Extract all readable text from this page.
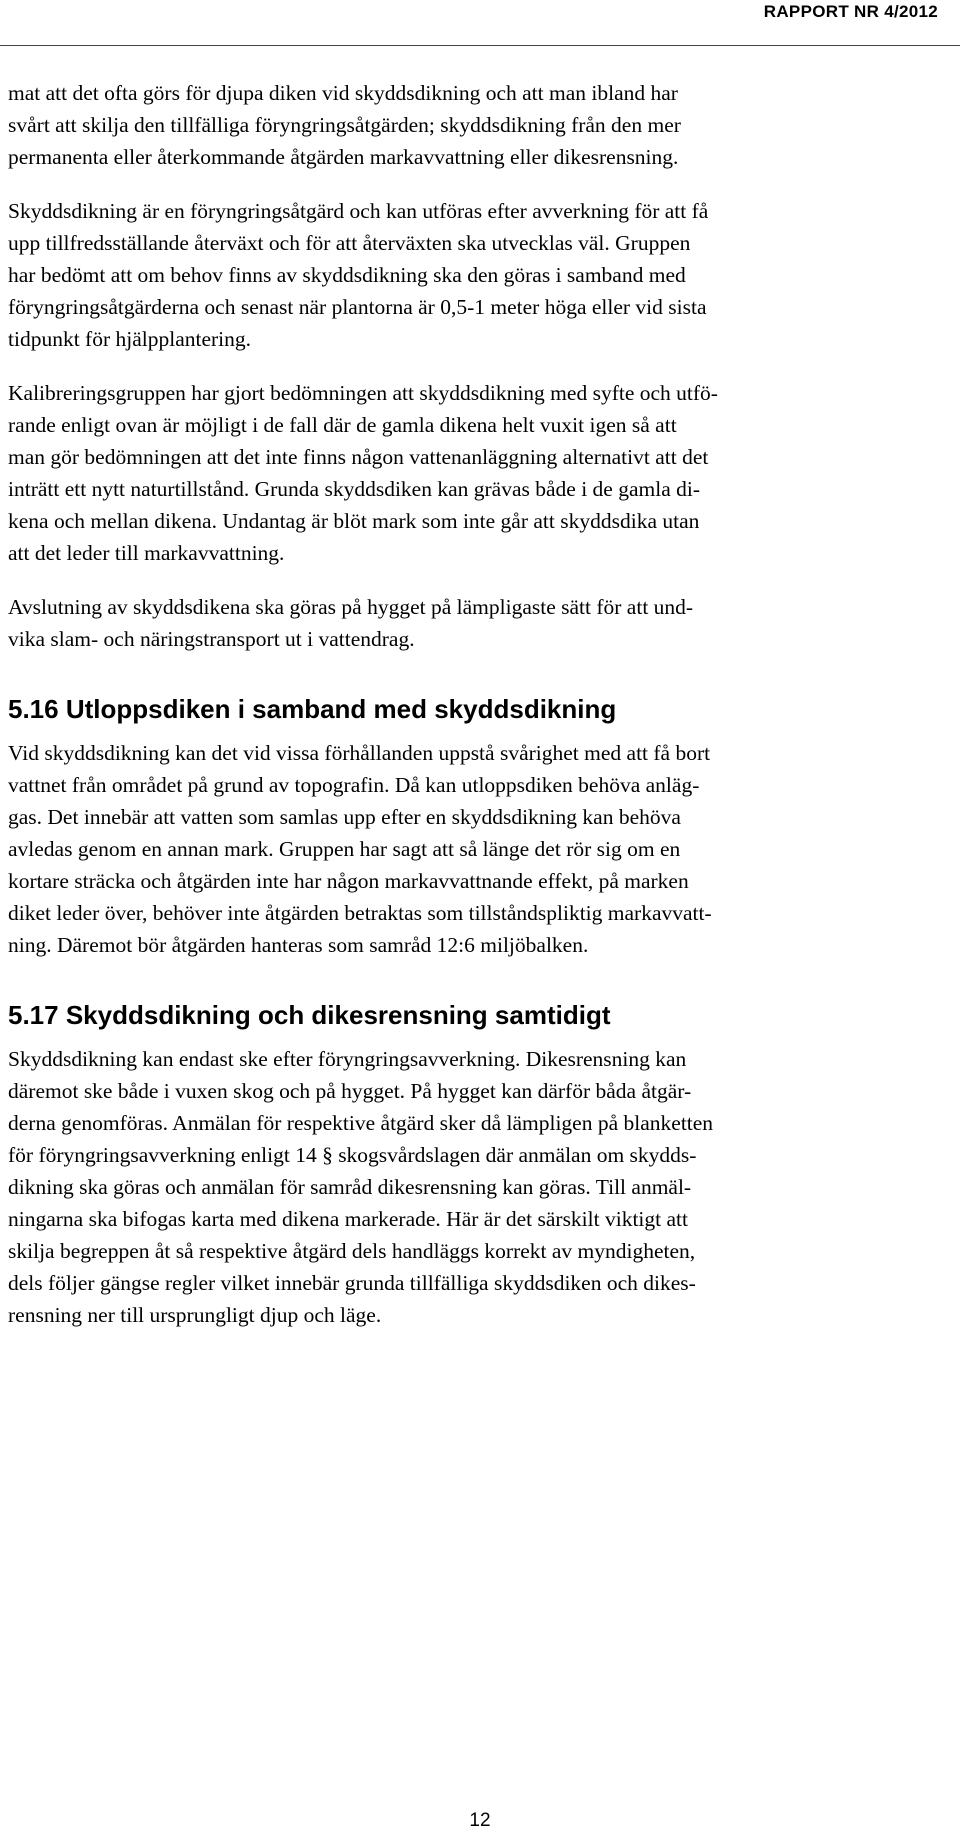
RAPPORT NR 4/2012

mat att det ofta görs för djupa diken vid skyddsdikning och att man ibland har
svårt att skilja den tillfälliga föryngringsåtgärden; skyddsdikning från den mer
permanenta eller återkommande åtgärden markavvattning eller dikesrensning.

Skyddsdikning är en föryngringsåtgärd och kan utföras efter avverkning för att få
upp tillfredsställande återväxt och för att återväxten ska utvecklas väl. Gruppen
har bedömt att om behov finns av skyddsdikning ska den göras i samband med
föryngringsåtgärderna och senast när plantorna är 0,5-1 meter höga eller vid sista
tidpunkt för hjälpplantering.

Kalibreringsgruppen har gjort bedömningen att skyddsdikning med syfte och utfö-
rande enligt ovan är möjligt i de fall där de gamla dikena helt vuxit igen så att
man gör bedömningen att det inte finns någon vattenanläggning alternativt att det
inträtt ett nytt naturtillstånd. Grunda skyddsdiken kan grävas både i de gamla di-
kena och mellan dikena. Undantag är blöt mark som inte går att skyddsdika utan
att det leder till markavvattning.

Avslutning av skyddsdikena ska göras på hygget på lämpligaste sätt för att und-
vika slam- och näringstransport ut i vattendrag.

5.16 Utloppsdiken i samband med skyddsdikning

Vid skyddsdikning kan det vid vissa förhållanden uppstå svårighet med att få bort
vattnet från området på grund av topografin. Då kan utloppsdiken behöva anläg-
gas. Det innebär att vatten som samlas upp efter en skyddsdikning kan behöva
avledas genom en annan mark. Gruppen har sagt att så länge det rör sig om en
kortare sträcka och åtgärden inte har någon markavvattnande effekt, på marken
diket leder över, behöver inte åtgärden betraktas som tillståndspliktig markavvatt-
ning. Däremot bör åtgärden hanteras som samråd 12:6 miljöbalken.

5.17 Skyddsdikning och dikesrensning samtidigt

Skyddsdikning kan endast ske efter föryngringsavverkning. Dikesrensning kan
däremot ske både i vuxen skog och på hygget. På hygget kan därför båda åtgär-
derna genomföras. Anmälan för respektive åtgärd sker då lämpligen på blanketten
för föryngringsavverkning enligt 14 § skogsvårdslagen där anmälan om skydds-
dikning ska göras och anmälan för samråd dikesrensning kan göras. Till anmäl-
ningarna ska bifogas karta med dikena markerade. Här är det särskilt viktigt att
skilja begreppen åt så respektive åtgärd dels handläggs korrekt av myndigheten,
dels följer gängse regler vilket innebär grunda tillfälliga skyddsdiken och dikes-
rensning ner till ursprungligt djup och läge.

12
